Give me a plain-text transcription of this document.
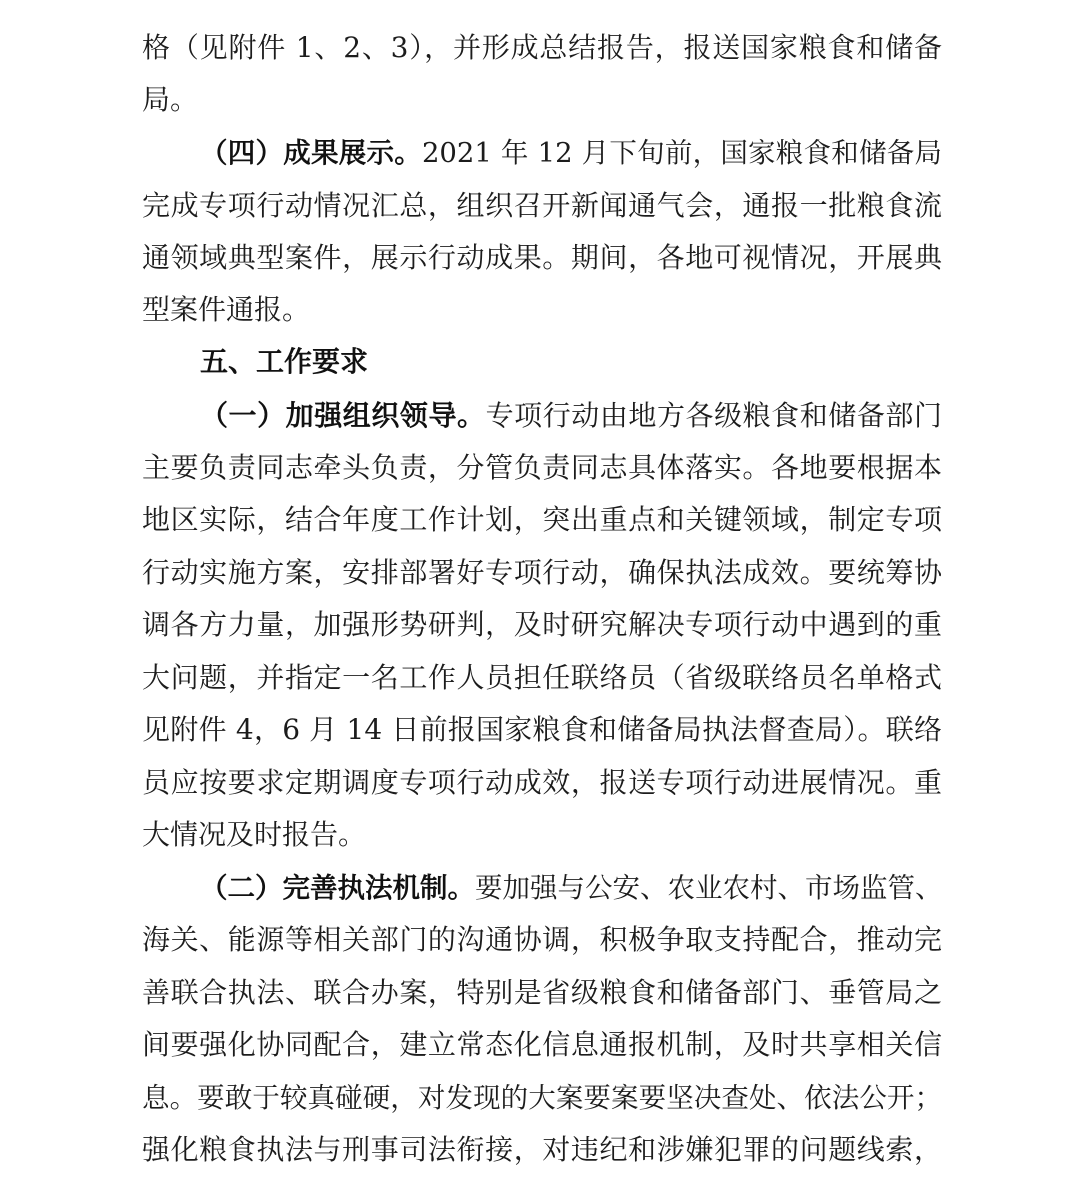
格（见附件 1、2、3），并形成总结报告，报送国家粮食和储备
局。
（四）成果展示。2021 年 12 月下旬前，国家粮食和储备局
完成专项行动情况汇总，组织召开新闻通气会，通报一批粮食流
通领域典型案件，展示行动成果。期间，各地可视情况，开展典
型案件通报。
五、工作要求
（一）加强组织领导。专项行动由地方各级粮食和储备部门
主要负责同志牵头负责，分管负责同志具体落实。各地要根据本
地区实际，结合年度工作计划，突出重点和关键领域，制定专项
行动实施方案，安排部署好专项行动，确保执法成效。要统筹协
调各方力量，加强形势研判，及时研究解决专项行动中遇到的重
大问题，并指定一名工作人员担任联络员（省级联络员名单格式
见附件 4，6 月 14 日前报国家粮食和储备局执法督查局）。联络
员应按要求定期调度专项行动成效，报送专项行动进展情况。重
大情况及时报告。
（二）完善执法机制。要加强与公安、农业农村、市场监管、
海关、能源等相关部门的沟通协调，积极争取支持配合，推动完
善联合执法、联合办案，特别是省级粮食和储备部门、垂管局之
间要强化协同配合，建立常态化信息通报机制，及时共享相关信
息。要敢于较真碰硬，对发现的大案要案要坚决查处、依法公开；
强化粮食执法与刑事司法衔接，对违纪和涉嫌犯罪的问题线索，
